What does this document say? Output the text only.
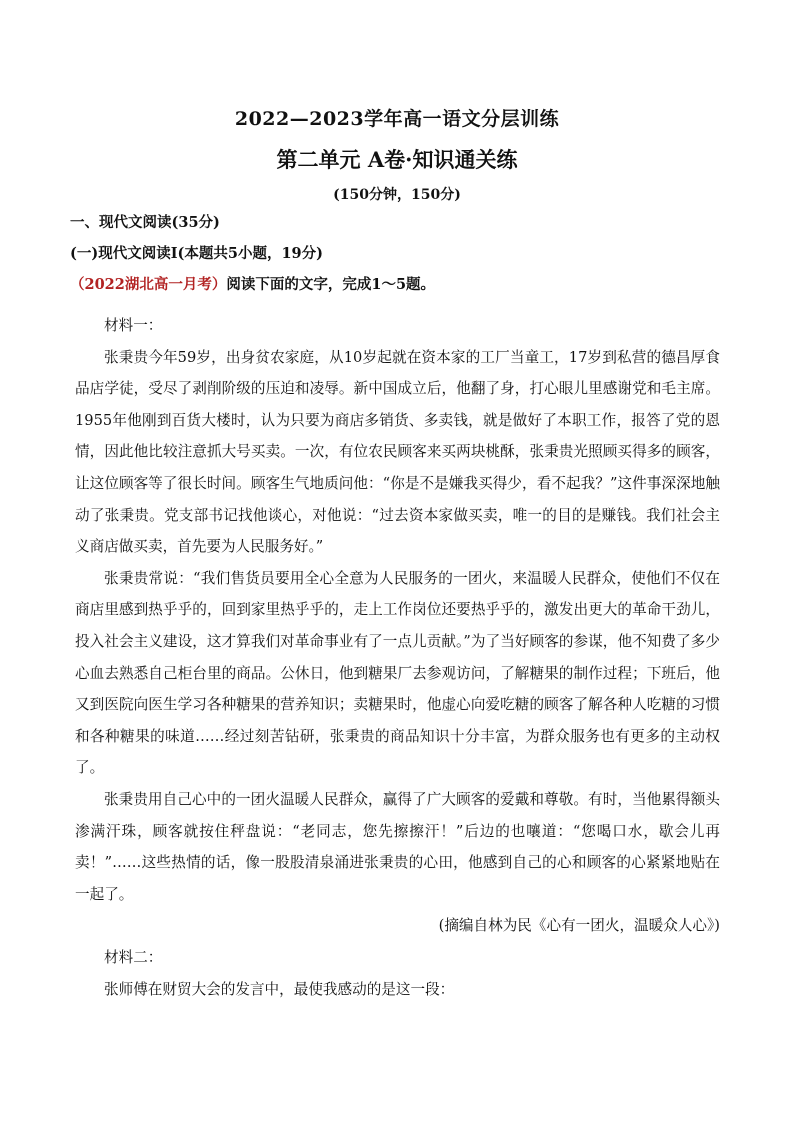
2022—2023学年高一语文分层训练
第二单元 A卷·知识通关练
(150分钟，150分)
一、现代文阅读(35分)
(一)现代文阅读Ⅰ(本题共5小题，19分)
（2022湖北高一月考）阅读下面的文字，完成1～5题。

材料一：

张秉贵今年59岁，出身贫农家庭，从10岁起就在资本家的工厂当童工，17岁到私营的德昌厚食品店学徒，受尽了剥削阶级的压迫和凌辱。新中国成立后，他翻了身，打心眼儿里感谢党和毛主席。1955年他刚到百货大楼时，认为只要为商店多销货、多卖钱，就是做好了本职工作，报答了党的恩情，因此他比较注意抓大号买卖。一次，有位农民顾客来买两块桃酥，张秉贵光照顾买得多的顾客，让这位顾客等了很长时间。顾客生气地质问他：“你是不是嫌我买得少，看不起我？”这件事深深地触动了张秉贵。党支部书记找他谈心，对他说：“过去资本家做买卖，唯一的目的是赚钱。我们社会主义商店做买卖，首先要为人民服务好。”

张秉贵常说：“我们售货员要用全心全意为人民服务的一团火，来温暖人民群众，使他们不仅在商店里感到热乎乎的，回到家里热乎乎的，走上工作岗位还要热乎乎的，激发出更大的革命干劲儿，投入社会主义建设，这才算我们对革命事业有了一点儿贡献。”为了当好顾客的参谋，他不知费了多少心血去熟悉自己柜台里的商品。公休日，他到糖果厂去参观访问，了解糖果的制作过程；下班后，他又到医院向医生学习各种糖果的营养知识；卖糖果时，他虚心向爱吃糖的顾客了解各种人吃糖的习惯和各种糖果的味道……经过刻苦钻研，张秉贵的商品知识十分丰富，为群众服务也有更多的主动权了。

张秉贵用自己心中的一团火温暖人民群众，赢得了广大顾客的爱戴和尊敬。有时，当他累得额头渗满汗珠，顾客就按住秤盘说：“老同志，您先擦擦汗！”后边的也嚷道：“您喝口水，歇会儿再卖！”……这些热情的话，像一股股清泉涌进张秉贵的心田，他感到自己的心和顾客的心紧紧地贴在一起了。

(摘编自林为民《心有一团火，温暖众人心》)

材料二：

张师傅在财贸大会的发言中，最使我感动的是这一段：
